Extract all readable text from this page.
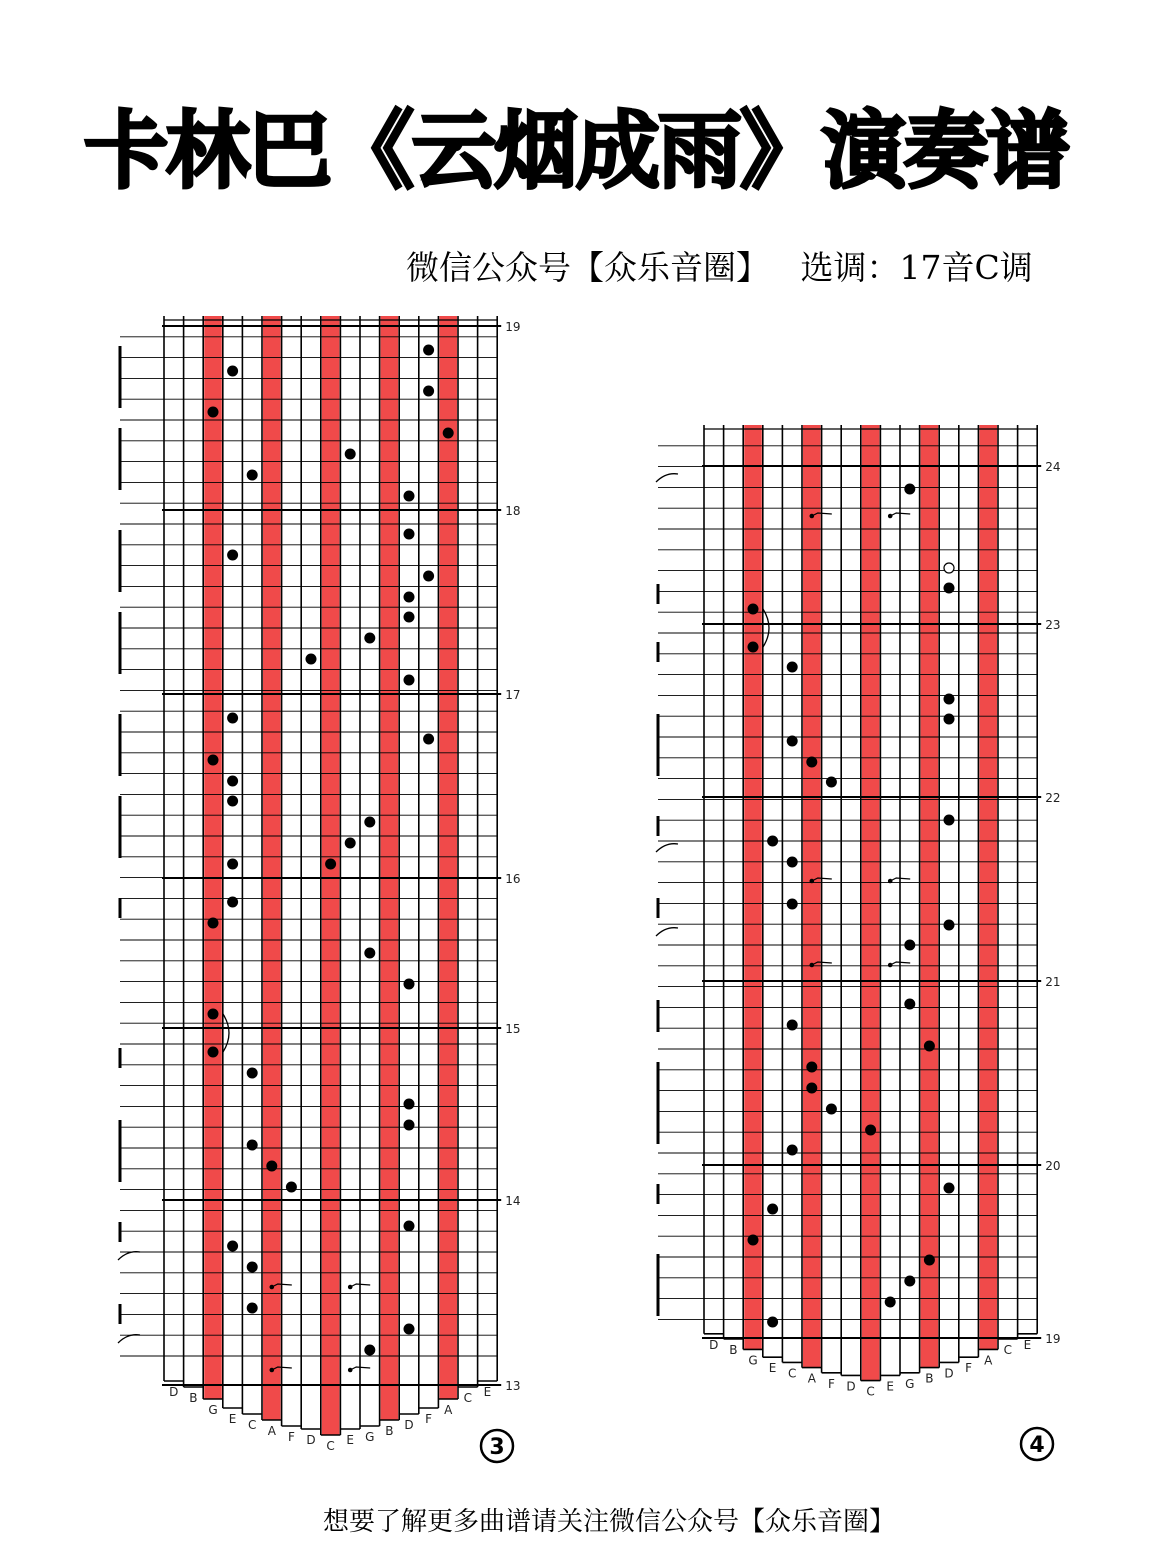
卡林巴《云烟成雨》演奏谱
微信公众号【众乐音圈】   选调：17音C调
D B
G
E C A F D C E G B D F
A
C E
19
18
17
16
15
14
13
D B
G
E C A F D C E G B D F
A
C E
24
23
22
21
20
19
3	4
想要了解更多曲谱请关注微信公众号【众乐音圈】
